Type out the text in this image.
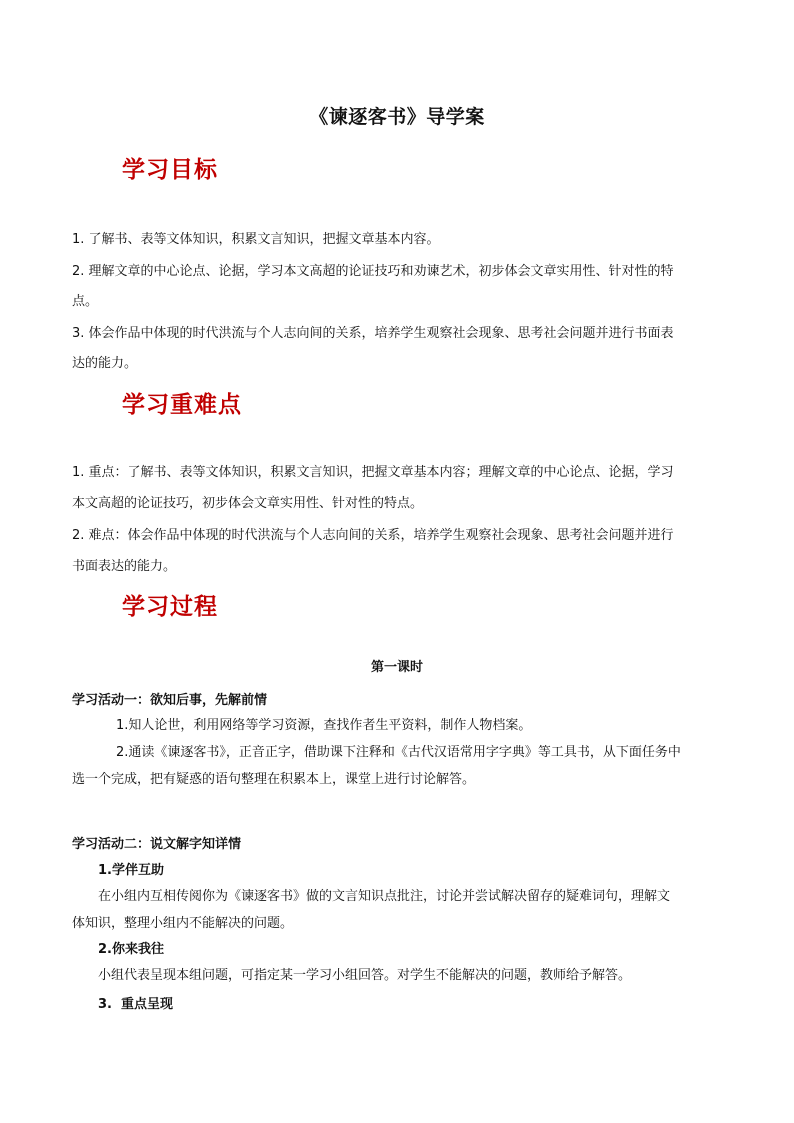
《谏逐客书》导学案
学习目标
1. 了解书、表等文体知识，积累文言知识，把握文章基本内容。
2. 理解文章的中心论点、论据，学习本文高超的论证技巧和劝谏艺术，初步体会文章实用性、针对性的特
点。
3. 体会作品中体现的时代洪流与个人志向间的关系，培养学生观察社会现象、思考社会问题并进行书面表
达的能力。
学习重难点
1. 重点：了解书、表等文体知识，积累文言知识，把握文章基本内容；理解文章的中心论点、论据，学习
本文高超的论证技巧，初步体会文章实用性、针对性的特点。
2. 难点：体会作品中体现的时代洪流与个人志向间的关系，培养学生观察社会现象、思考社会问题并进行
书面表达的能力。
学习过程
第一课时
学习活动一：欲知后事，先解前情
1.知人论世，利用网络等学习资源，查找作者生平资料，制作人物档案。
2.通读《谏逐客书》，正音正字，借助课下注释和《古代汉语常用字字典》等工具书，从下面任务中
选一个完成，把有疑惑的语句整理在积累本上，课堂上进行讨论解答。
学习活动二：说文解字知详情
1.学伴互助
在小组内互相传阅你为《谏逐客书》做的文言知识点批注，讨论并尝试解决留存的疑难词句，理解文
体知识，整理小组内不能解决的问题。
2.你来我往
小组代表呈现本组问题，可指定某一学习小组回答。对学生不能解决的问题，教师给予解答。
3.  重点呈现
